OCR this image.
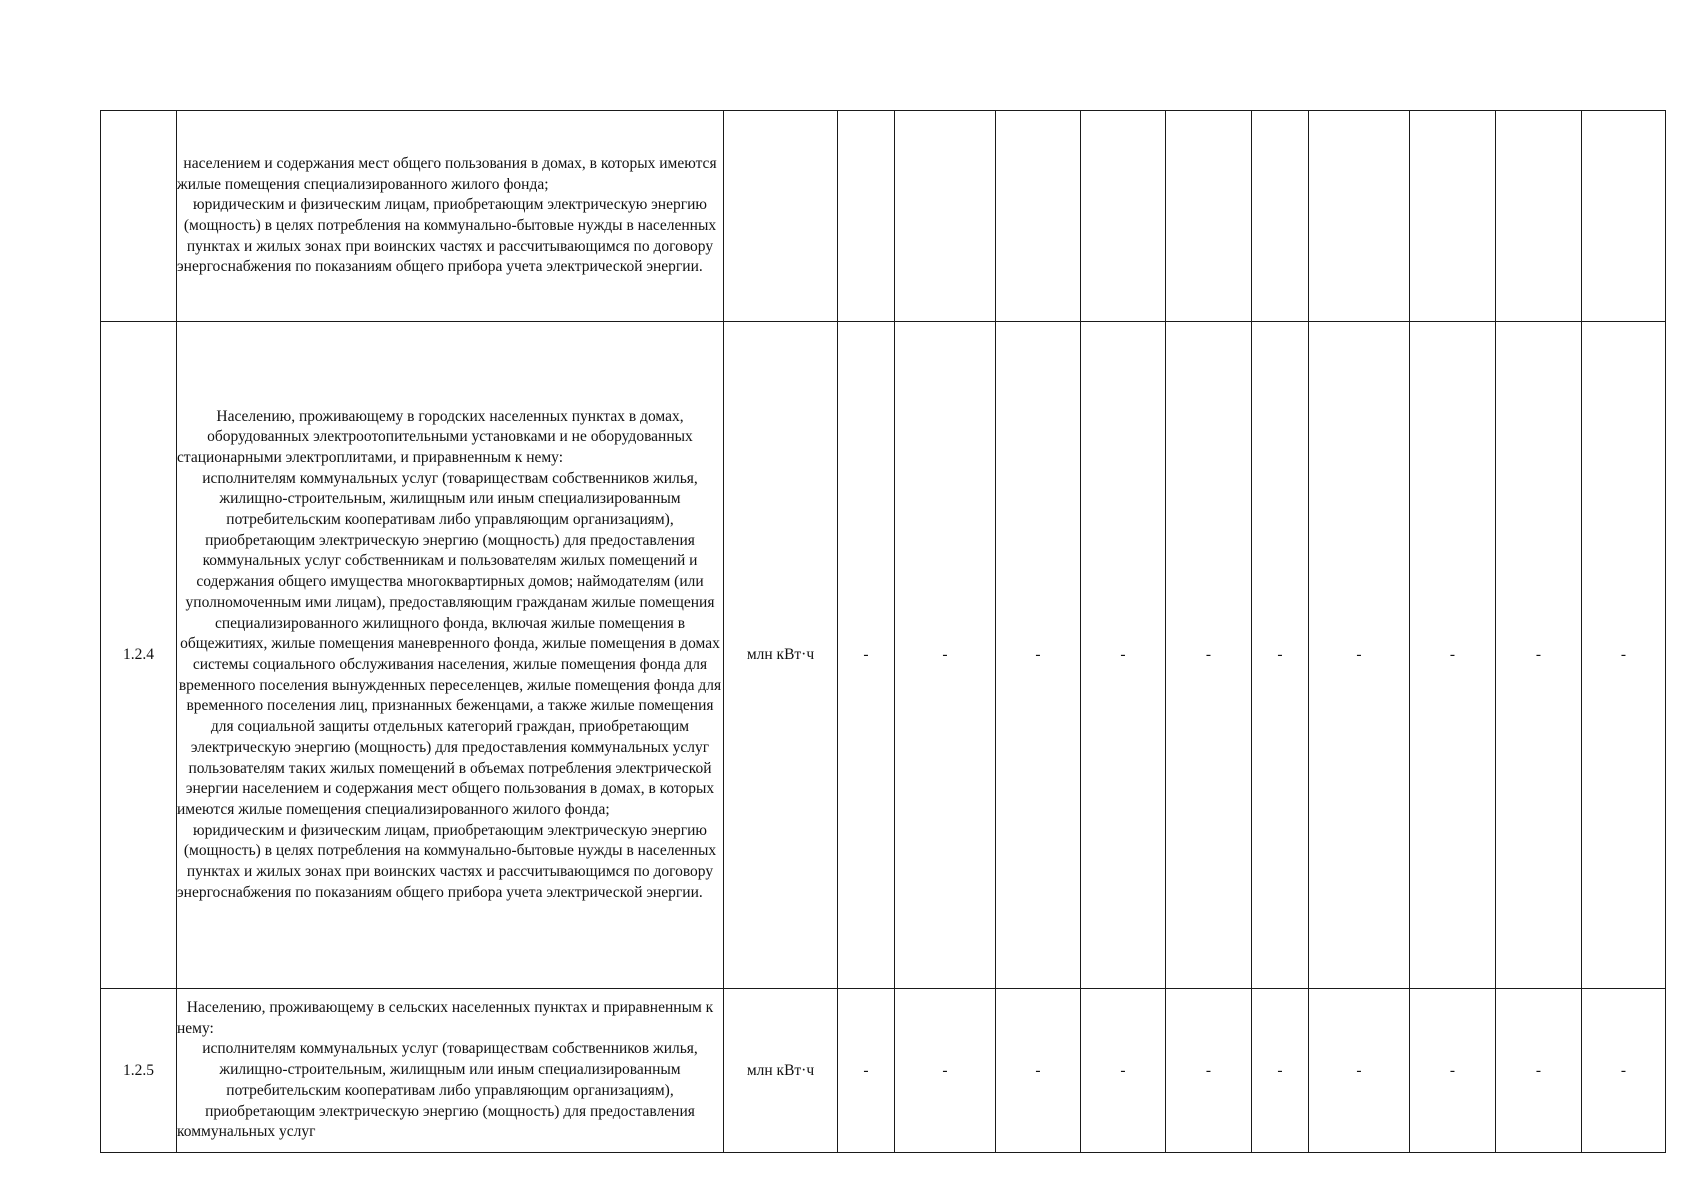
	населением и содержания мест общего пользования в домах, в которых имеются жилые помещения специализированного жилого фонда;

юридическим и физическим лицам, приобретающим электрическую энергию (мощность) в целях потребления на коммунально-бытовые нужды в населенных пунктах и жилых зонах при воинских частях и рассчитывающимся по договору энергоснабжения по показаниям общего прибора учета электрической энергии.											

1.2.4	Населению, проживающему в городских населенных пунктах в домах, оборудованных электроотопительными установками и не оборудованных стационарными электроплитами, и приравненным к нему:

исполнителям коммунальных услуг (товариществам собственников жилья, жилищно-строительным, жилищным или иным специализированным потребительским кооперативам либо управляющим организациям), приобретающим электрическую энергию (мощность) для предоставления коммунальных услуг собственникам и пользователям жилых помещений и содержания общего имущества многоквартирных домов; наймодателям (или уполномоченным ими лицам), предоставляющим гражданам жилые помещения специализированного жилищного фонда, включая жилые помещения в общежитиях, жилые помещения маневренного фонда, жилые помещения в домах системы социального обслуживания населения, жилые помещения фонда для временного поселения вынужденных переселенцев, жилые помещения фонда для временного поселения лиц, признанных беженцами, а также жилые помещения для социальной защиты отдельных категорий граждан, приобретающим электрическую энергию (мощность) для предоставления коммунальных услуг пользователям таких жилых помещений в объемах потребления электрической энергии населением и содержания мест общего пользования в домах, в которых имеются жилые помещения специализированного жилого фонда;

юридическим и физическим лицам, приобретающим электрическую энергию (мощность) в целях потребления на коммунально-бытовые нужды в населенных пунктах и жилых зонах при воинских частях и рассчитывающимся по договору энергоснабжения по показаниям общего прибора учета электрической энергии.	млн кВт·ч	-	-	-	-	-	-	-	-	-	-
1.2.5	Населению, проживающему в сельских населенных пунктах и приравненным к нему:

исполнителям коммунальных услуг (товариществам собственников жилья, жилищно-строительным, жилищным или иным специализированным потребительским кооперативам либо управляющим организациям), приобретающим электрическую энергию (мощность) для предоставления коммунальных услуг	млн кВт·ч	-	-	-	-	-	-	-	-	-	-
